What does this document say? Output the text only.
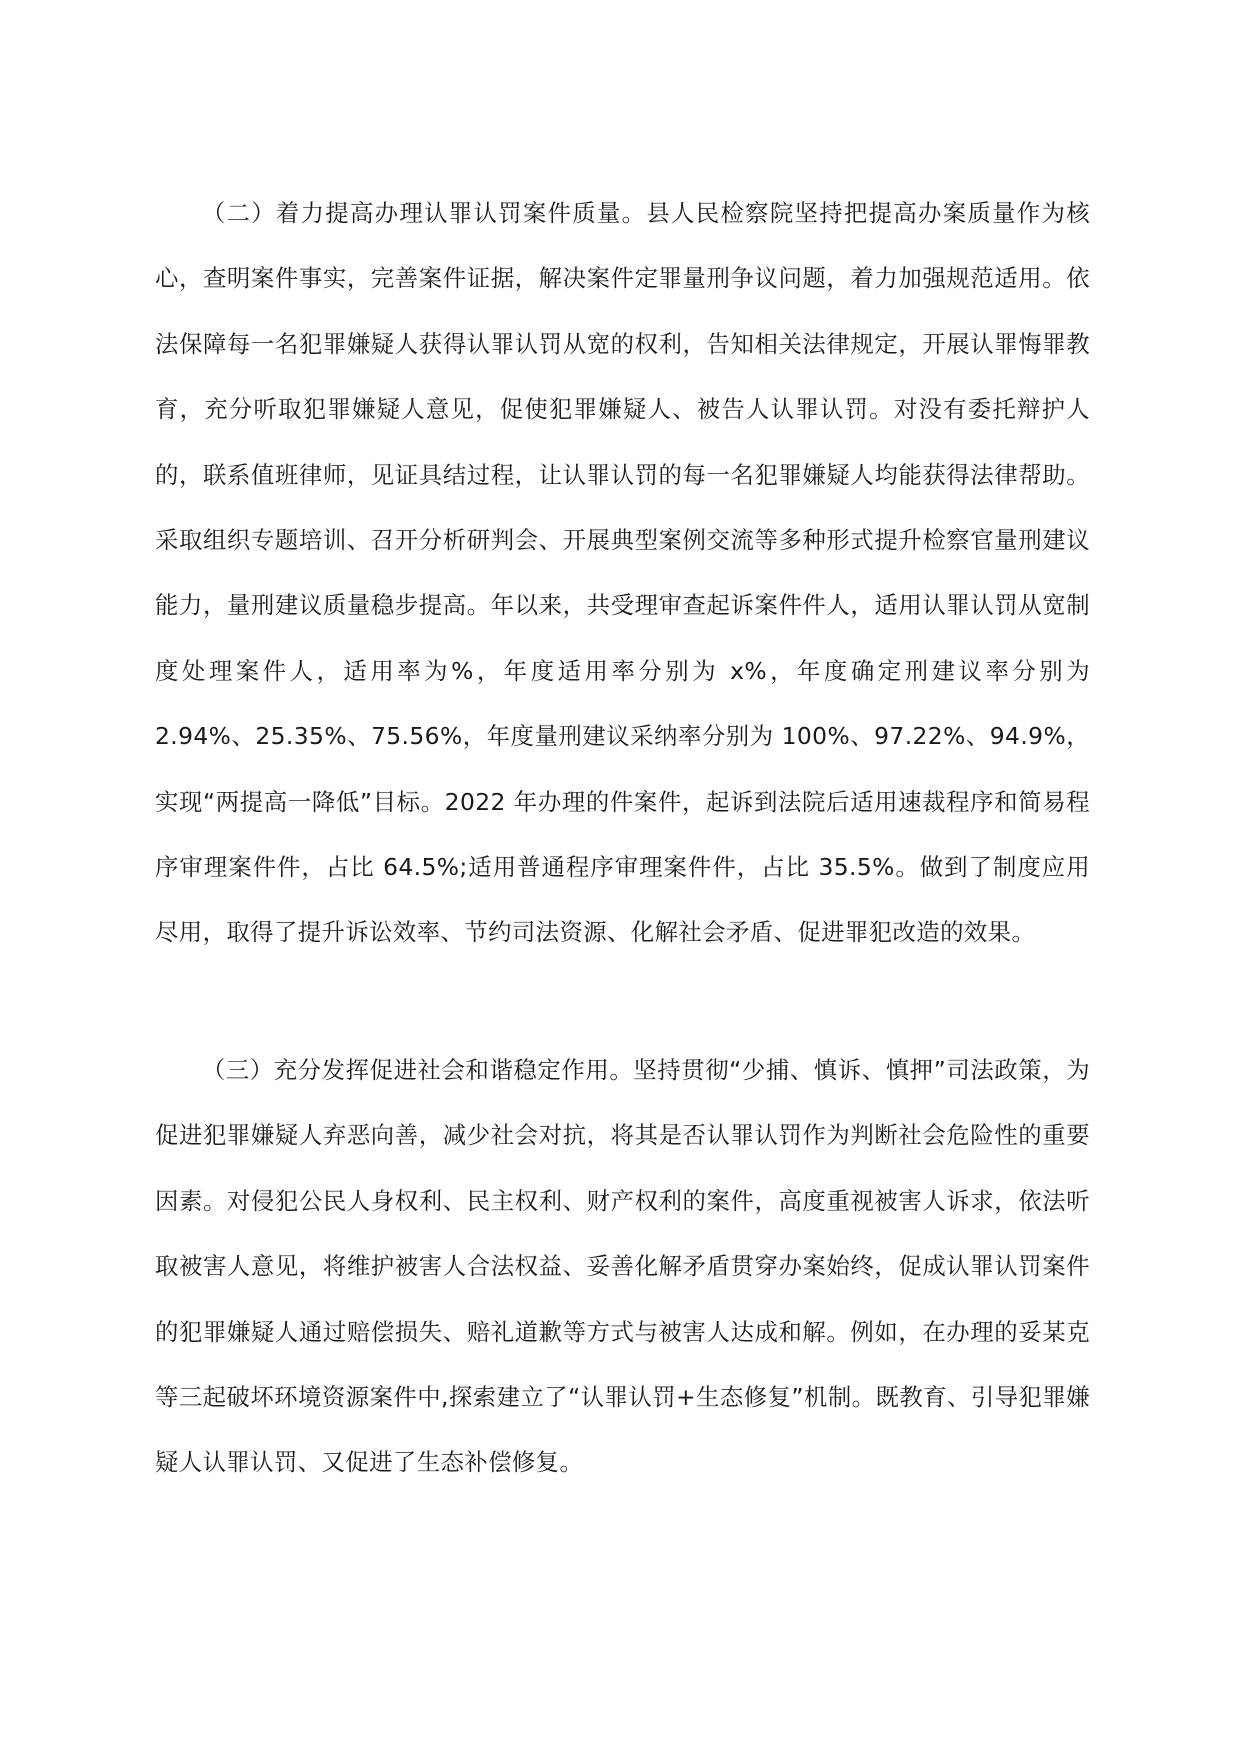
（二）着力提高办理认罪认罚案件质量。县人民检察院坚持把提高办案质量作为核心，查明案件事实，完善案件证据，解决案件定罪量刑争议问题，着力加强规范适用。依法保障每一名犯罪嫌疑人获得认罪认罚从宽的权利，告知相关法律规定，开展认罪悔罪教育，充分听取犯罪嫌疑人意见，促使犯罪嫌疑人、被告人认罪认罚。对没有委托辩护人的，联系值班律师，见证具结过程，让认罪认罚的每一名犯罪嫌疑人均能获得法律帮助。采取组织专题培训、召开分析研判会、开展典型案例交流等多种形式提升检察官量刑建议能力，量刑建议质量稳步提高。年以来，共受理审查起诉案件件人，适用认罪认罚从宽制度处理案件人，适用率为%，年度适用率分别为 x%，年度确定刑建议率分别为 2.94%、25.35%、75.56%，年度量刑建议采纳率分别为 100%、97.22%、94.9%，实现“两提高一降低”目标。2022 年办理的件案件，起诉到法院后适用速裁程序和简易程序审理案件件，占比 64.5%;适用普通程序审理案件件，占比 35.5%。做到了制度应用尽用，取得了提升诉讼效率、节约司法资源、化解社会矛盾、促进罪犯改造的效果。

（三）充分发挥促进社会和谐稳定作用。坚持贯彻“少捕、慎诉、慎押”司法政策，为促进犯罪嫌疑人弃恶向善，减少社会对抗，将其是否认罪认罚作为判断社会危险性的重要因素。对侵犯公民人身权利、民主权利、财产权利的案件，高度重视被害人诉求，依法听取被害人意见，将维护被害人合法权益、妥善化解矛盾贯穿办案始终，促成认罪认罚案件的犯罪嫌疑人通过赔偿损失、赔礼道歉等方式与被害人达成和解。例如，在办理的妥某克等三起破坏环境资源案件中,探索建立了“认罪认罚+生态修复”机制。既教育、引导犯罪嫌疑人认罪认罚、又促进了生态补偿修复。
